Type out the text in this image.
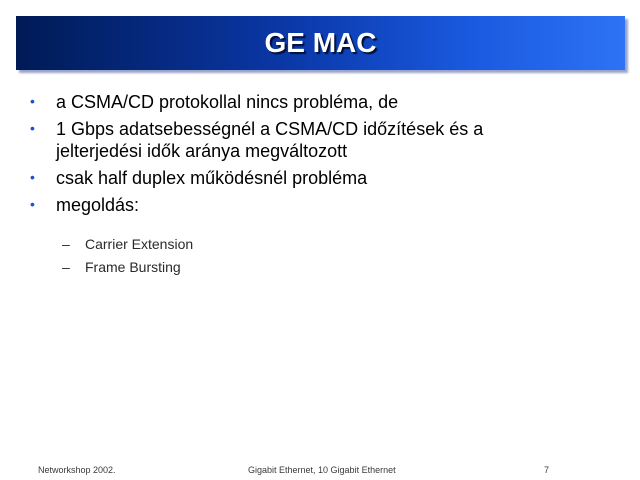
GE MAC
• a CSMA/CD protokollal nincs probléma, de
• 1 Gbps adatsebességnél a CSMA/CD időzítések és a
jelterjedési idők aránya megváltozott
• csak half duplex működésnél probléma
• megoldás:
– Carrier Extension
– Frame Bursting
Networkshop 2002.	Gigabit Ethernet, 10 Gigabit Ethernet	7
